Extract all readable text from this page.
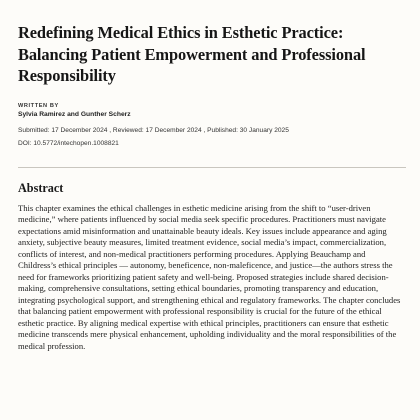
Redefining Medical Ethics in Esthetic Practice: Balancing Patient Empowerment and Professional Responsibility
WRITTEN BY
Sylvia Ramirez and Gunther Scherz
Submitted: 17 December 2024 , Reviewed: 17 December 2024 , Published: 30 January 2025
DOI: 10.5772/intechopen.1008821
Abstract

This chapter examines the ethical challenges in esthetic medicine arising from the shift to “user-driven medicine,” where patients influenced by social media seek specific procedures. Practitioners must navigate expectations amid misinformation and unattainable beauty ideals. Key issues include appearance and aging anxiety, subjective beauty measures, limited treatment evidence, social media’s impact, commercialization, conflicts of interest, and non-medical practitioners performing procedures. Applying Beauchamp and Childress’s ethical principles — autonomy, beneficence, non-maleficence, and justice—the authors stress the need for frameworks prioritizing patient safety and well-being. Proposed strategies include shared decision-making, comprehensive consultations, setting ethical boundaries, promoting transparency and education, integrating psychological support, and strengthening ethical and regulatory frameworks. The chapter concludes that balancing patient empowerment with professional responsibility is crucial for the future of the ethical esthetic practice. By aligning medical expertise with ethical principles, practitioners can ensure that esthetic medicine transcends mere physical enhancement, upholding individuality and the moral responsibilities of the medical profession.
